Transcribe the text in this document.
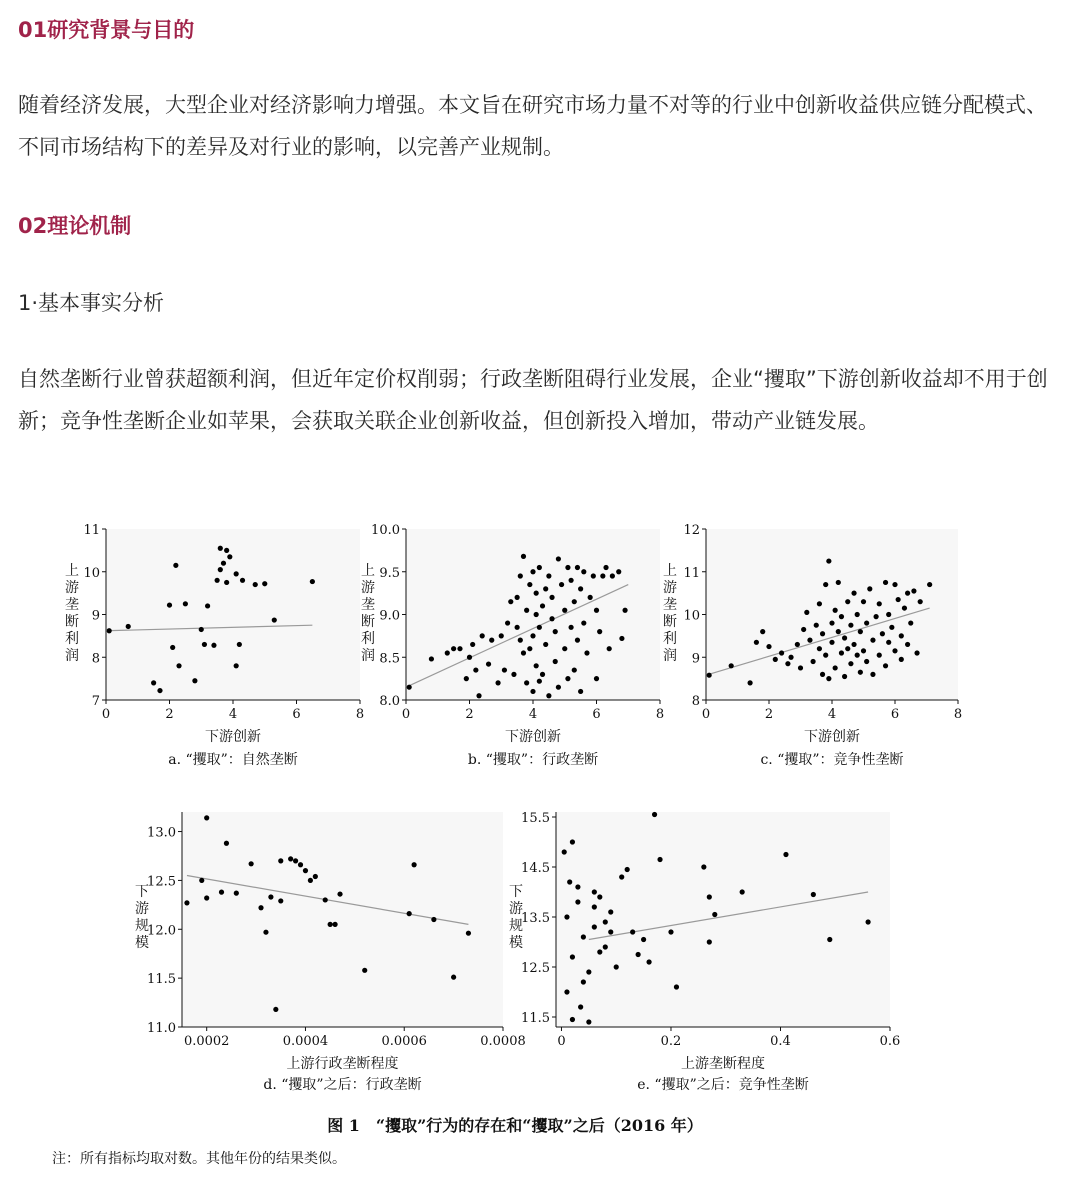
01研究背景与目的
随着经济发展，大型企业对经济影响力增强。本文旨在研究市场力量不对等的行业中创新收益供应链分配模式、不同市场结构下的差异及对行业的影响，以完善产业规制。
02理论机制
1·基本事实分析
自然垄断行业曾获超额利润，但近年定价权削弱；行政垄断阻碍行业发展，企业“攫取”下游创新收益却不用于创新；竞争性垄断企业如苹果，会获取关联企业创新收益，但创新投入增加，带动产业链发展。
图 1　“攫取”行为的存在和“攫取”之后（2016 年）
注：所有指标均取对数。其他年份的结果类似。
0	2	4	6	8
7
8
9
10
11
下游创新
上游垄断利润
a. “攫取”：自然垄断
0	2	4	6	8
8.0
8.5
9.0
9.5
10.0
下游创新
上游垄断利润
b. “攫取”：行政垄断
0	2	4	6	8
8
9
10
11
12
下游创新
上游垄断利润
c. “攫取”：竞争性垄断
0.0002	0.0004	0.0006	0.0008
11.0
11.5
12.0
12.5
13.0
上游行政垄断程度
下游规模
d. “攫取”之后：行政垄断
0	0.2	0.4	0.6
11.5
12.5
13.5
14.5
15.5
上游垄断程度
下游规模
e. “攫取”之后：竞争性垄断
